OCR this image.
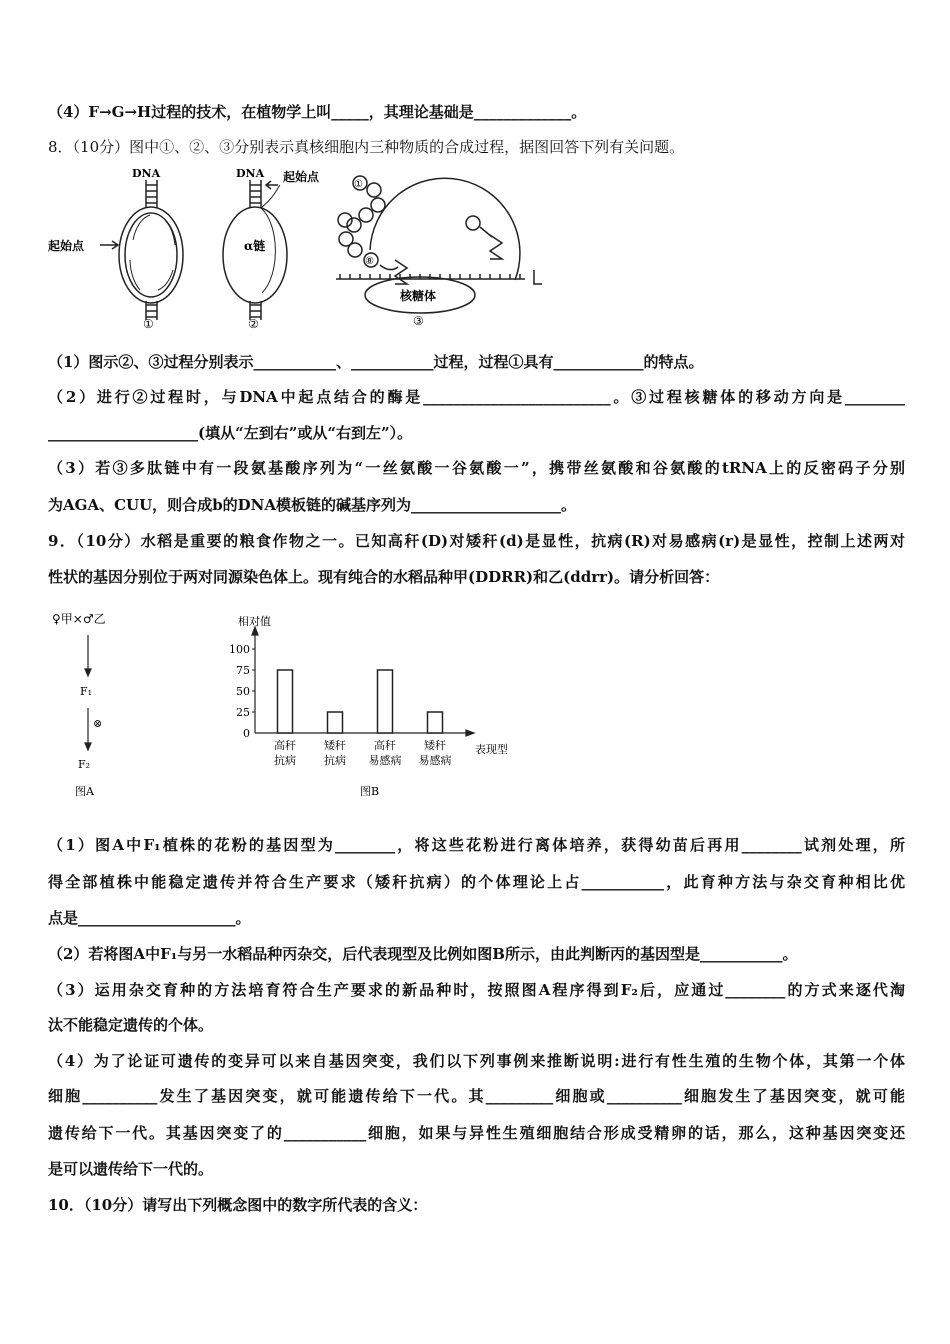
（4）F→G→H过程的技术，在植物学上叫_____，其理论基础是_____________。
8．（10分）图中①、②、③分别表示真核细胞内三种物质的合成过程，据图回答下列有关问题。
DNA	DNA
起始点
起始点
α链
核糖体
①	②	③
①
⑧
（1）图示②、③过程分别表示___________、___________过程，过程①具有____________的特点。
（2）进行②过程时，与DNA中起点结合的酶是_________________________。③过程核糖体的移动方向是________
____________________(填从“左到右”或从“右到左”）。
（3）若③多肽链中有一段氨基酸序列为“一丝氨酸一谷氨酸一”，携带丝氨酸和谷氨酸的tRNA上的反密码子分别
为AGA、CUU，则合成b的DNA模板链的碱基序列为____________________。
9．（10分）水稻是重要的粮食作物之一。已知高秆(D)对矮秆(d)是显性，抗病(R)对易感病(r)是显性，控制上述两对
性状的基因分别位于两对同源染色体上。现有纯合的水稻品种甲(DDRR)和乙(ddrr)。请分析回答：
♀甲×♂乙
F₁
⊗
F₂
图A
相对值
表现型
图B
0
25
50
75
100
高秆
抗病
矮秆
抗病
高秆
易感病
矮秆
易感病
（1）图A中F₁植株的花粉的基因型为________，将这些花粉进行离体培养，获得幼苗后再用________试剂处理，所
得全部植株中能稳定遗传并符合生产要求（矮秆抗病）的个体理论上占___________，此育种方法与杂交育种相比优
点是_____________________。
（2）若将图A中F₁与另一水稻品种丙杂交，后代表现型及比例如图B所示，由此判断丙的基因型是___________。
（3）运用杂交育种的方法培育符合生产要求的新品种时，按照图A程序得到F₂后，应通过________的方式来逐代淘
汰不能稳定遗传的个体。
（4）为了论证可遗传的变异可以来自基因突变，我们以下列事例来推断说明:进行有性生殖的生物个体，其第一个体
细胞__________发生了基因突变，就可能遗传给下一代。其_________细胞或__________细胞发生了基因突变，就可能
遗传给下一代。其基因突变了的___________细胞，如果与异性生殖细胞结合形成受精卵的话，那么，这种基因突变还
是可以遗传给下一代的。
10．（10分）请写出下列概念图中的数字所代表的含义：
